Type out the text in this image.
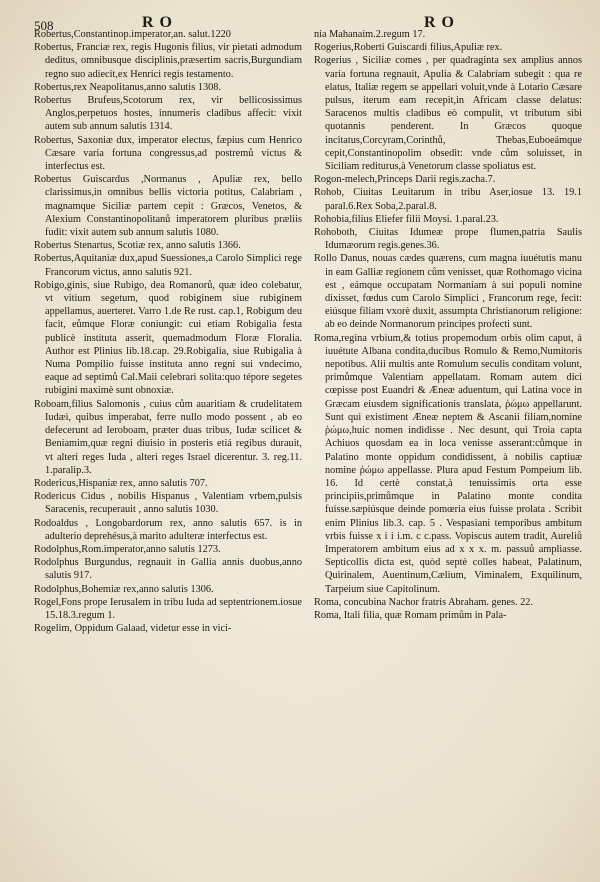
508	R O	R O

Robertus,Constantinop.imperator,an. salut.1220

Robertus, Franciæ rex, regis Hugonis filius, vir pietati admodum deditus, omnibusque disciplinis,præsertim sacris,Burgundiam regno suo adiecit,ex Henrici regis testamento.

Robertus,rex Neapolitanus,anno salutis 1308.

Robertus Brufeus,Scotorum rex, vir bellicosissimus Anglos,perpetuos hostes, innumeris cladibus affecit: vixit autem sub annum salutis 1314.

Robertus, Saxoniæ dux, imperator electus, fæpius cum Henrico Cæsare varia fortuna congressus,ad postremů victus & interfectus est.

Robertus Guiscardus ,Normanus , Apuliæ rex, bello clarissimus,in omnibus bellis victoria potitus, Calabriam , magnamque Siciliæ partem cepit : Græcos, Venetos, & Alexium Constantinopolitanů imperatorem pluribus præliis fudit: vixit autem sub annum salutis 1080.

Robertus Stenartus, Scotiæ rex, anno salutis 1366.

Robertus,Aquitaniæ dux,apud Suessiones,a Carolo Simplici rege Francorum victus, anno salutis 921.

Robigo,ginis, siue Rubigo, dea Romanorů, quæ ideo colebatur, vt vitium segetum, quod robiginem siue rubiginem appellamus, auerteret. Varro 1.de Re rust. cap.1, Robigum deu facit, eůmque Floræ coniungit: cui etiam Robigalia festa publicè instituta asserit, quemadmodum Floræ Floralia. Author est Plinius lib.18.cap. 29.Robigalia, siue Rubigalia à Numa Pompilio fuisse instituta anno regni sui vndecimo, eaque ad septimů Cal.Maii celebrari solita:quo tépore segetes rubigini maximè sunt obnoxiæ.

Roboam,filius Salomonis , cuius cům auaritiam & crudelitatem Iudæi, quibus imperabat, ferre nullo modo possent , ab eo defecerunt ad Ieroboam, præter duas tribus, Iudæ scilicet & Beniamim,quæ regni diuisio in posteris etiá regibus durauit, vt alteri reges Iuda , alteri reges Israel dicerentur. 3. reg.11. 1.paralip.3.

Rodericus,Hispaniæ rex, anno salutis 707.

Rodericus Cidus , nobilis Hispanus , Valentiam vrbem,pulsis Saracenis, recuperauit , anno salutis 1030.

Rodoaldus , Longobardorum rex, anno salutis 657. is in adulterio deprehésus,à marito adulteræ interfectus est.

Rodolphus,Rom.imperator,anno salutis 1273.

Rodolphus Burgundus, regnauit in Gallia annis duobus,anno salutis 917.

Rodolphus,Bohemiæ rex,anno salutis 1306.

Rogel,Fons prope Ierusalem in tribu Iuda ad septentrionem.iosue 15.18.3.regum 1.

Rogelim, Oppidum Galaad, videtur esse in vici-

nia Mahanaim.2.regum 17.

Rogerius,Roberti Guiscardi filius,Apuliæ rex.

Rogerius , Siciliæ comes , per quadraginta sex amplius annos varia fortuna regnauit, Apulia & Calabriam subegit : qua re elatus, Italiæ regem se appellari voluit,vnde à Lotario Cæsare pulsus, iterum eam recepit,in Africam classe delatus: Saracenos multis cladibus eò compulit, vt tributum sibi quotannis penderent. In Græcos quoque incitatus,Corcyram,Corinthů, Thebas,Euboeámque cepit,Constantinopolim obsedit: vnde cům soluisset, in Siciliam rediturus,à Venetorum classe spoliatus est.

Rogon-melech,Princeps Darii regis.zacha.7.

Rohob, Ciuitas Leuitarum in tribu Aser,iosue 13. 19.1 paral.6.Rex Soba,2.paral.8.

Rohobia,filius Eliefer filii Moysi. 1.paral.23.

Rohoboth, Ciuitas Idumeæ prope flumen,patria Saulis Idumæorum regis.genes.36.

Rollo Danus, nouas cædes quærens, cum magna iuuétutis manu in eam Galliæ regionem cům venisset, quæ Rothomago vicina est , eámque occupatam Normaniam à sui populi nomine dixisset, fœdus cum Carolo Simplici , Francorum rege, fecit: eiúsque filiam vxorè duxit, assumpta Christianorum religione: ab eo deinde Normanorum principes profecti sunt.

Roma,regina vrbium,& totius propemodum orbis olim caput, à iuuétute Albana condita,ducibus Romulo & Remo,Numitoris nepotibus. Alii multis ante Romulum seculis conditam volunt, primůmque Valentiam appellatam. Romam autem dici cœpisse post Euandri & Æneæ aduentum, qui Latina voce in Græcam eiusdem significationis translata, ῥώμω appellarunt. Sunt qui existiment Æneæ neptem & Ascanii filiam,nomine ῥώμω,huic nomen indidisse . Nec desunt, qui Troia capta Achiuos quosdam ea in loca venisse asserant:cůmque in Palatino monte oppidum condidissent, à nobilis captiuæ nomine ῥώμω appellasse. Plura apud Festum Pompeium lib. 16. Id certè constat,à tenuissimis orta esse principiis,primůmque in Palatino monte condita fuisse.sæpiúsque deinde pomœria eius fuisse prolata . Scribit enim Plinius lib.3. cap. 5 . Vespasiani temporibus ambitum vrbis fuisse x i i i.m. c c.pass. Vopiscus autem tradit, Aureliů Imperatorem ambitum eius ad x x x. m. passuů ampliasse. Septicollis dicta est, quòd septè colles habeat, Palatinum, Quirinalem, Auentinum,Cælium, Viminalem, Exquilinum, Tarpeium siue Capitolinum.

Roma, concubina Nachor fratris Abraham. genes. 22.

Roma, Itali filia, quæ Romam primům in Pala-
